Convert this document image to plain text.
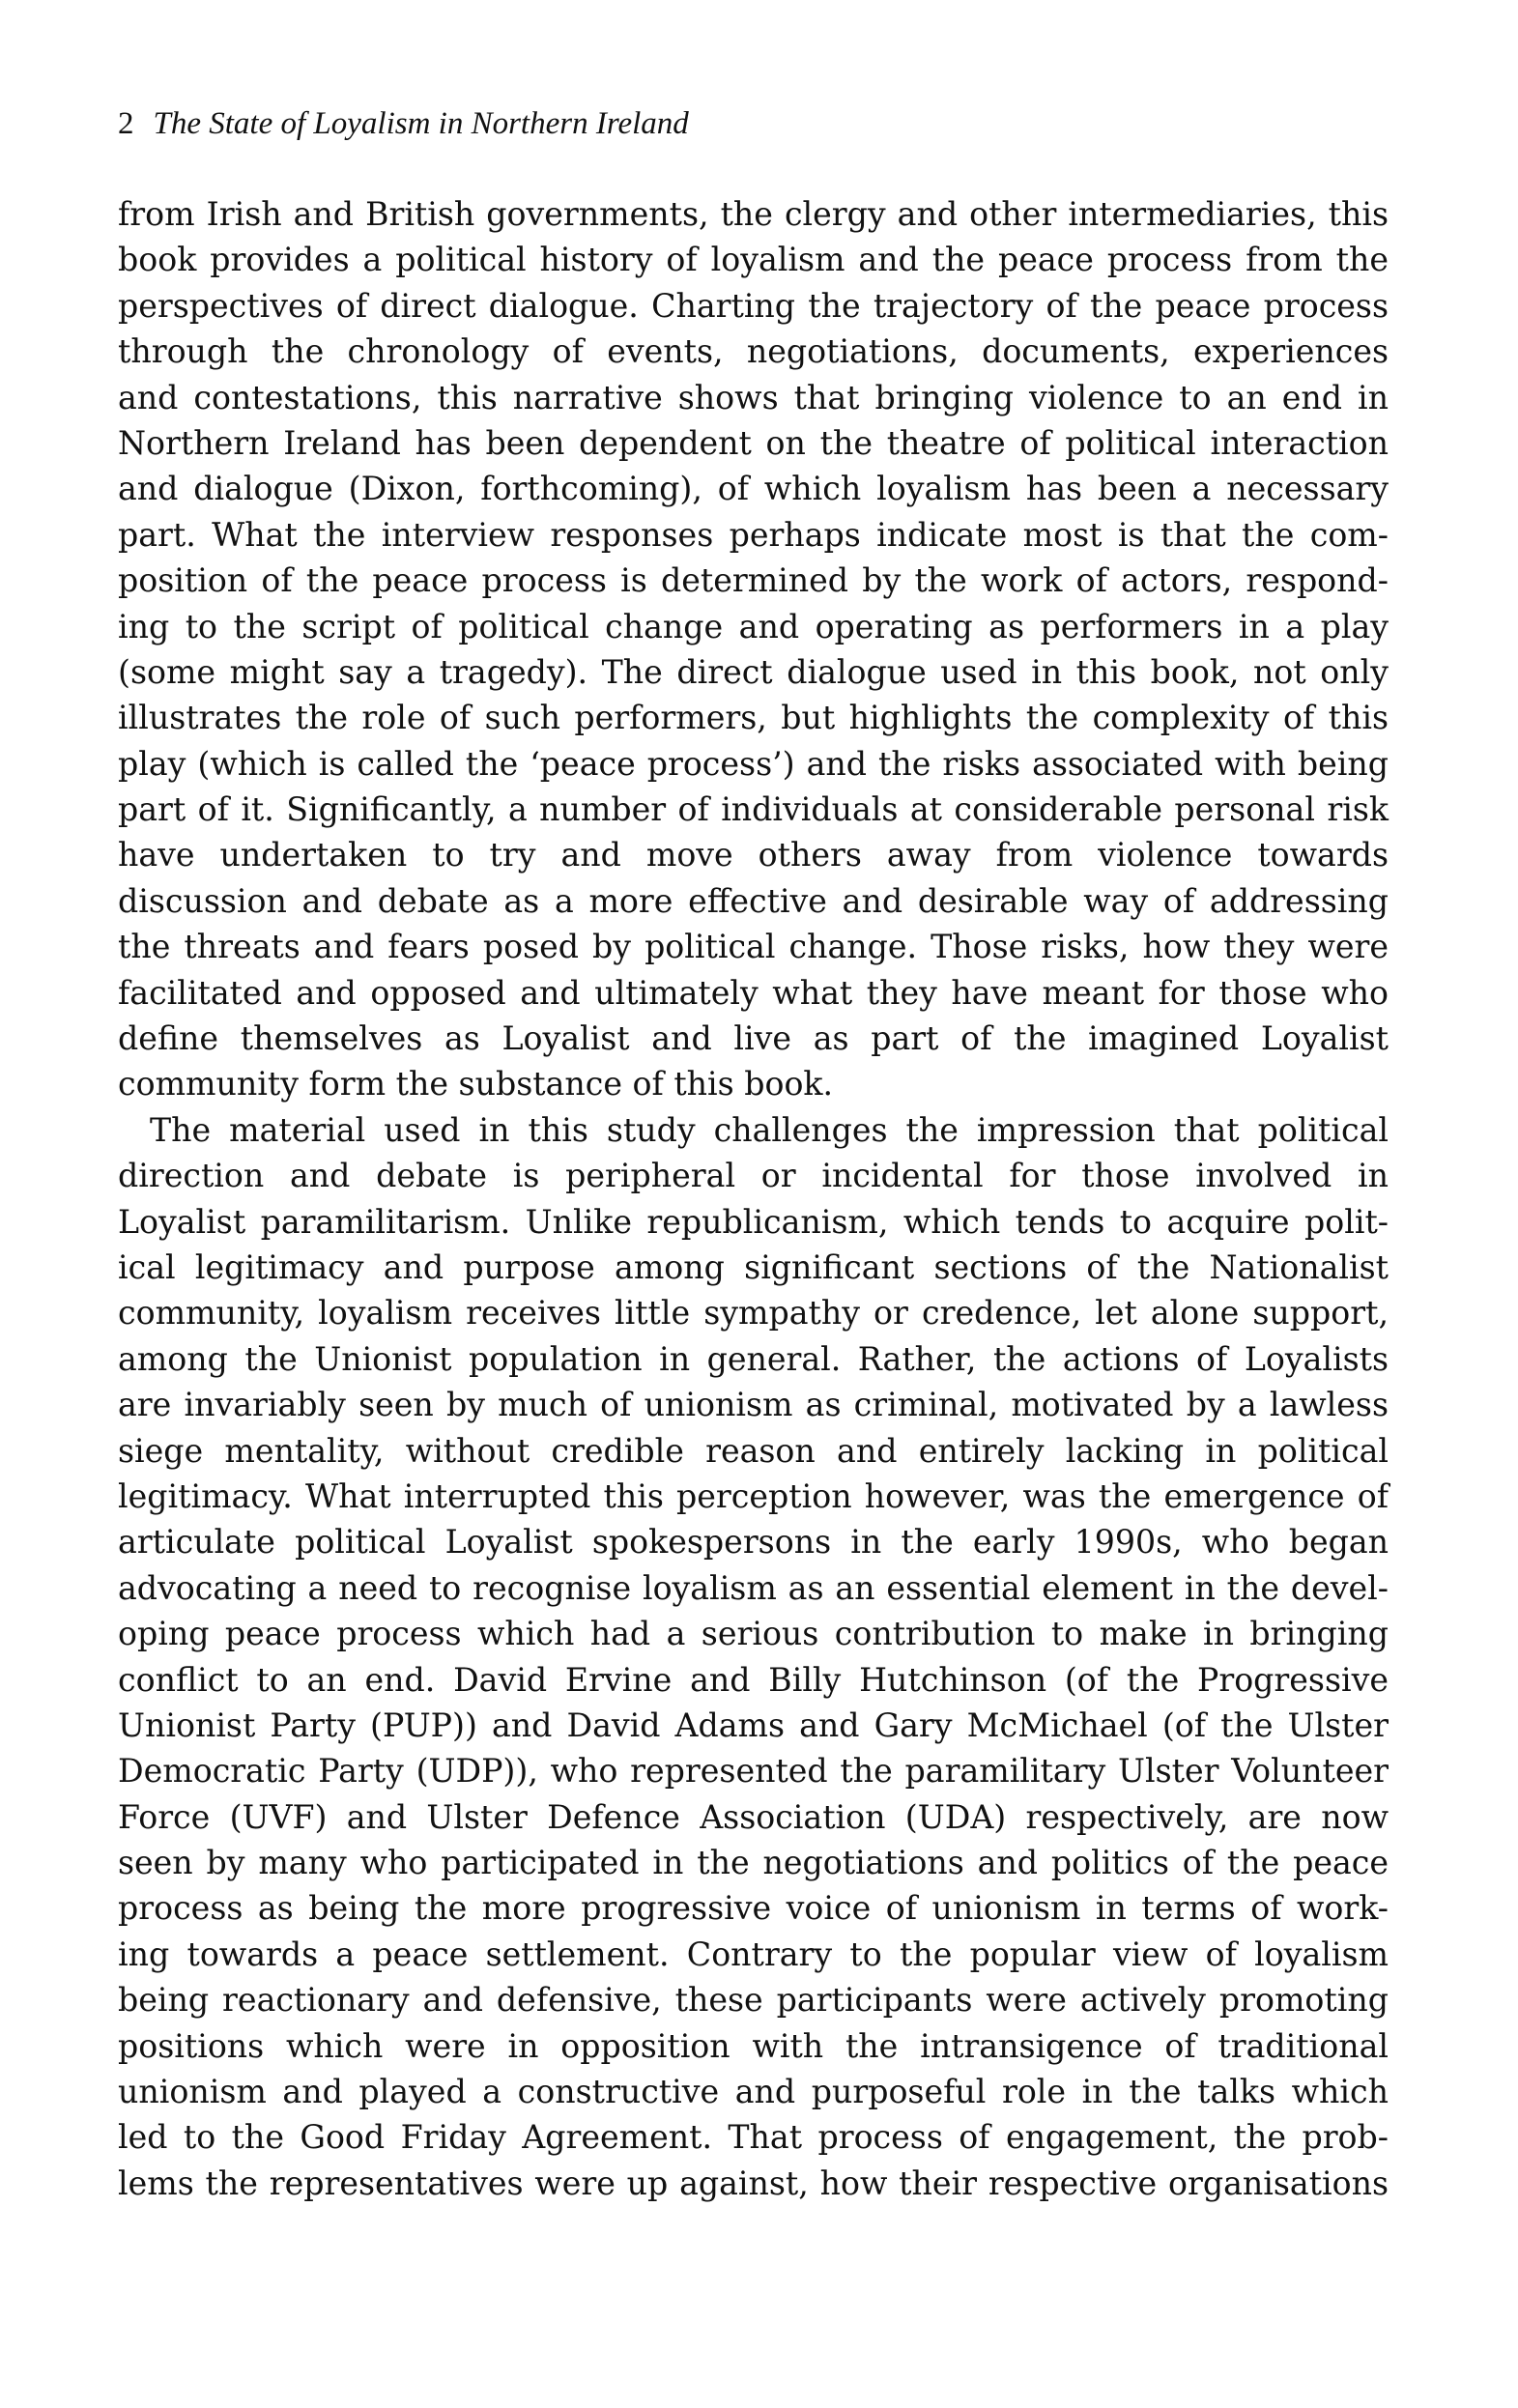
2 The State of Loyalism in Northern Ireland
from Irish and British governments, the clergy and other intermediaries, this
book provides a political history of loyalism and the peace process from the
perspectives of direct dialogue. Charting the trajectory of the peace process
through the chronology of events, negotiations, documents, experiences
and contestations, this narrative shows that bringing violence to an end in
Northern Ireland has been dependent on the theatre of political interaction
and dialogue (Dixon, forthcoming), of which loyalism has been a necessary
part. What the interview responses perhaps indicate most is that the com-
position of the peace process is determined by the work of actors, respond-
ing to the script of political change and operating as performers in a play
(some might say a tragedy). The direct dialogue used in this book, not only
illustrates the role of such performers, but highlights the complexity of this
play (which is called the ‘peace process’) and the risks associated with being
part of it. Significantly, a number of individuals at considerable personal risk
have undertaken to try and move others away from violence towards
discussion and debate as a more effective and desirable way of addressing
the threats and fears posed by political change. Those risks, how they were
facilitated and opposed and ultimately what they have meant for those who
define themselves as Loyalist and live as part of the imagined Loyalist
community form the substance of this book.
The material used in this study challenges the impression that political
direction and debate is peripheral or incidental for those involved in
Loyalist paramilitarism. Unlike republicanism, which tends to acquire polit-
ical legitimacy and purpose among significant sections of the Nationalist
community, loyalism receives little sympathy or credence, let alone support,
among the Unionist population in general. Rather, the actions of Loyalists
are invariably seen by much of unionism as criminal, motivated by a lawless
siege mentality, without credible reason and entirely lacking in political
legitimacy. What interrupted this perception however, was the emergence of
articulate political Loyalist spokespersons in the early 1990s, who began
advocating a need to recognise loyalism as an essential element in the devel-
oping peace process which had a serious contribution to make in bringing
conflict to an end. David Ervine and Billy Hutchinson (of the Progressive
Unionist Party (PUP)) and David Adams and Gary McMichael (of the Ulster
Democratic Party (UDP)), who represented the paramilitary Ulster Volunteer
Force (UVF) and Ulster Defence Association (UDA) respectively, are now
seen by many who participated in the negotiations and politics of the peace
process as being the more progressive voice of unionism in terms of work-
ing towards a peace settlement. Contrary to the popular view of loyalism
being reactionary and defensive, these participants were actively promoting
positions which were in opposition with the intransigence of traditional
unionism and played a constructive and purposeful role in the talks which
led to the Good Friday Agreement. That process of engagement, the prob-
lems the representatives were up against, how their respective organisations
